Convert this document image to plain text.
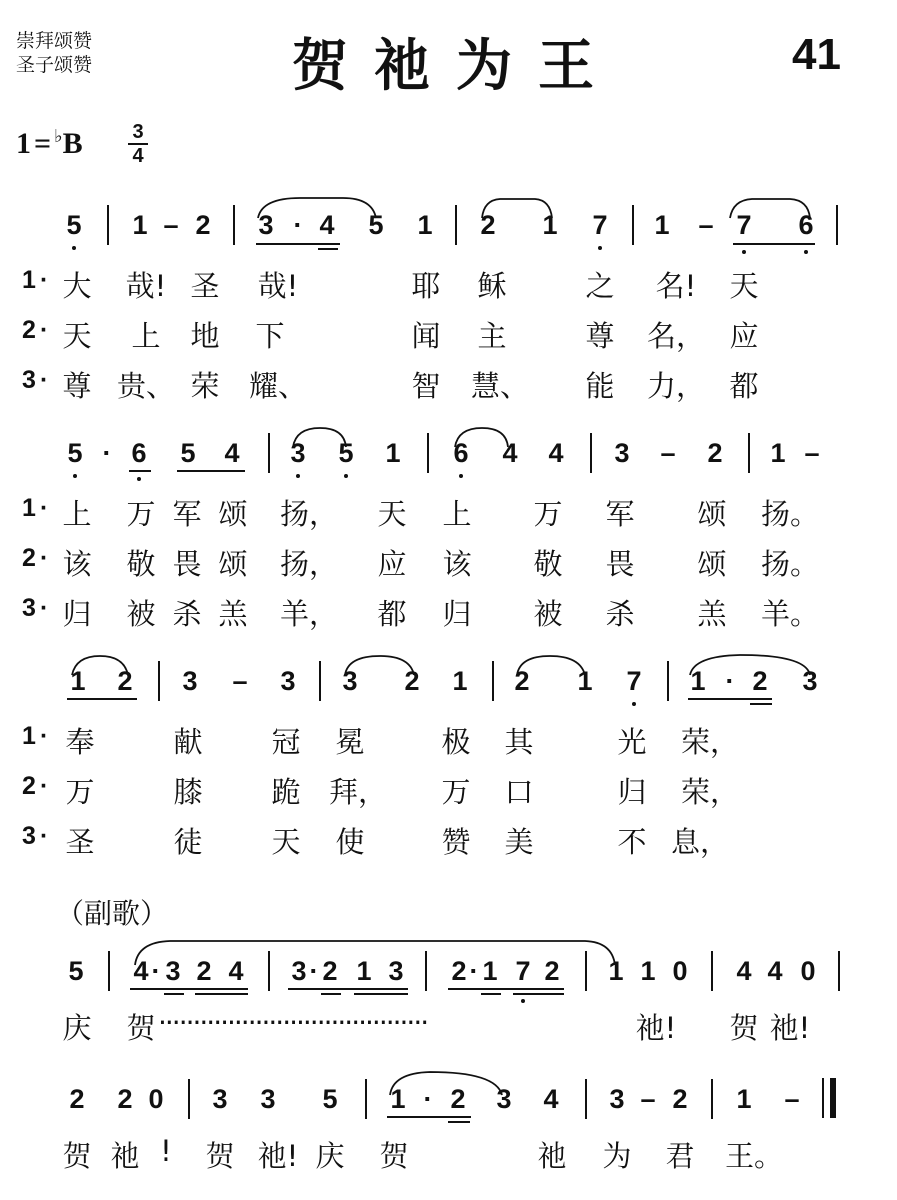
崇拜颂赞
圣子颂赞	贺祂为王	41
1 = ♭B 3
4
5 1 – 2 3 · 4 5 1 2 1 7 1 – 7 6
1 · 大 哉! 圣 哉!	耶 稣	之 名! 天
2 · 天 上 地 下	闻 主	尊 名， 应
3 · 尊 贵、 荣 耀、	智 慧、 能 力， 都
5 · 6 5 4 3 5 1 6 4 4 3 – 2 1 –
1 · 上 万 军 颂 扬， 天 上 万 军 颂 扬。
2 · 该 敬 畏 颂 扬， 应 该 敬 畏 颂 扬。
3 · 归 被 杀 羔 羊， 都 归 被 杀 羔 羊。
1 2 3 – 3 3 2 1 2 1 7 1 · 2 3
1 · 奉	献 冠 冕	极 其	光 荣，
2 · 万	膝 跪 拜， 万 口	归 荣，
3 · 圣	徒 天 使	赞 美	不 息，
（副歌）
5 4 · 3 2 4 3 · 2 1 3 2 · 1 7 2 1 1 0 4 4 0
庆 贺 ·······································	祂! 贺 祂!
2 2 0 3 3 5 1 · 2 3 4 3 – 2 1 –
贺 祂 ! 贺 祂! 庆 贺	祂 为 君 王。
